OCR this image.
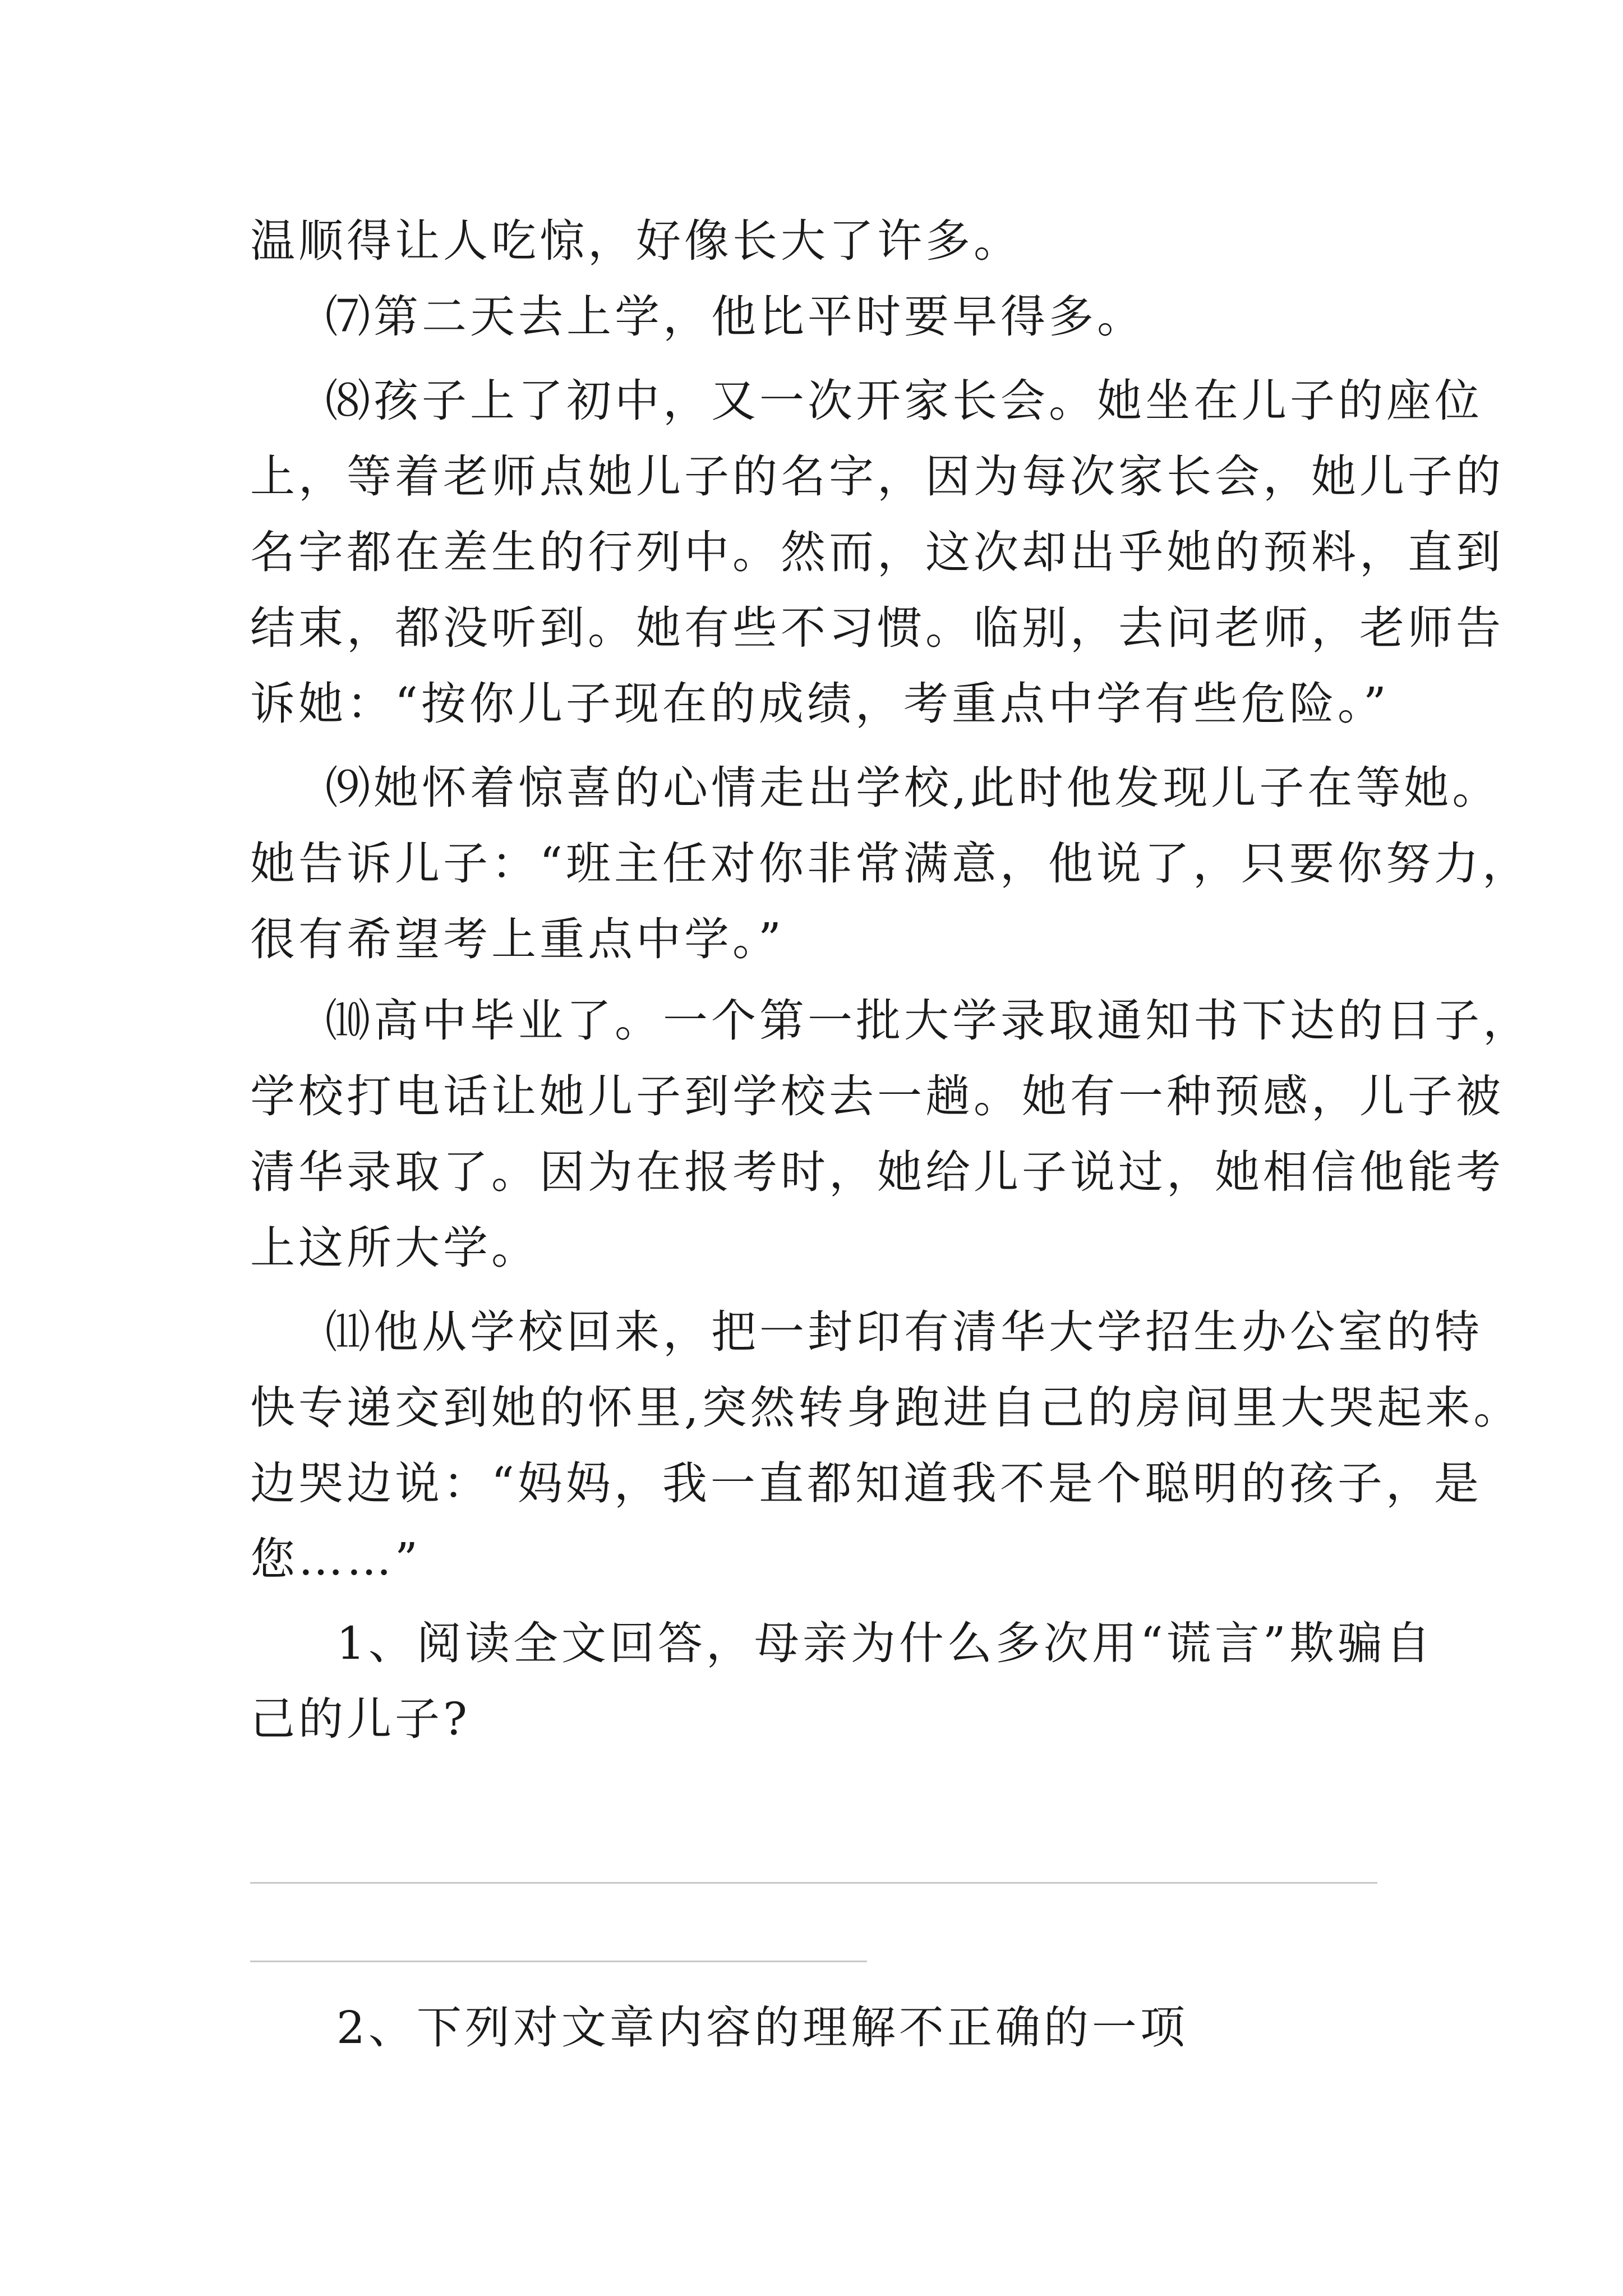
温顺得让人吃惊，好像长大了许多。
⑺第二天去上学，他比平时要早得多。
⑻孩子上了初中，又一次开家长会。她坐在儿子的座位
上，等着老师点她儿子的名字，因为每次家长会，她儿子的
名字都在差生的行列中。然而，这次却出乎她的预料，直到
结束，都没听到。她有些不习惯。临别，去问老师，老师告
诉她：“按你儿子现在的成绩，考重点中学有些危险。”
⑼她怀着惊喜的心情走出学校,此时他发现儿子在等她。
她告诉儿子：“班主任对你非常满意，他说了，只要你努力，
很有希望考上重点中学。”
⑽高中毕业了。一个第一批大学录取通知书下达的日子，
学校打电话让她儿子到学校去一趟。她有一种预感，儿子被
清华录取了。因为在报考时，她给儿子说过，她相信他能考
上这所大学。
⑾他从学校回来，把一封印有清华大学招生办公室的特
快专递交到她的怀里,突然转身跑进自己的房间里大哭起来。
边哭边说：“妈妈，我一直都知道我不是个聪明的孩子，是
您……”
1、阅读全文回答，母亲为什么多次用“谎言”欺骗自
己的儿子?
2、下列对文章内容的理解不正确的一项
